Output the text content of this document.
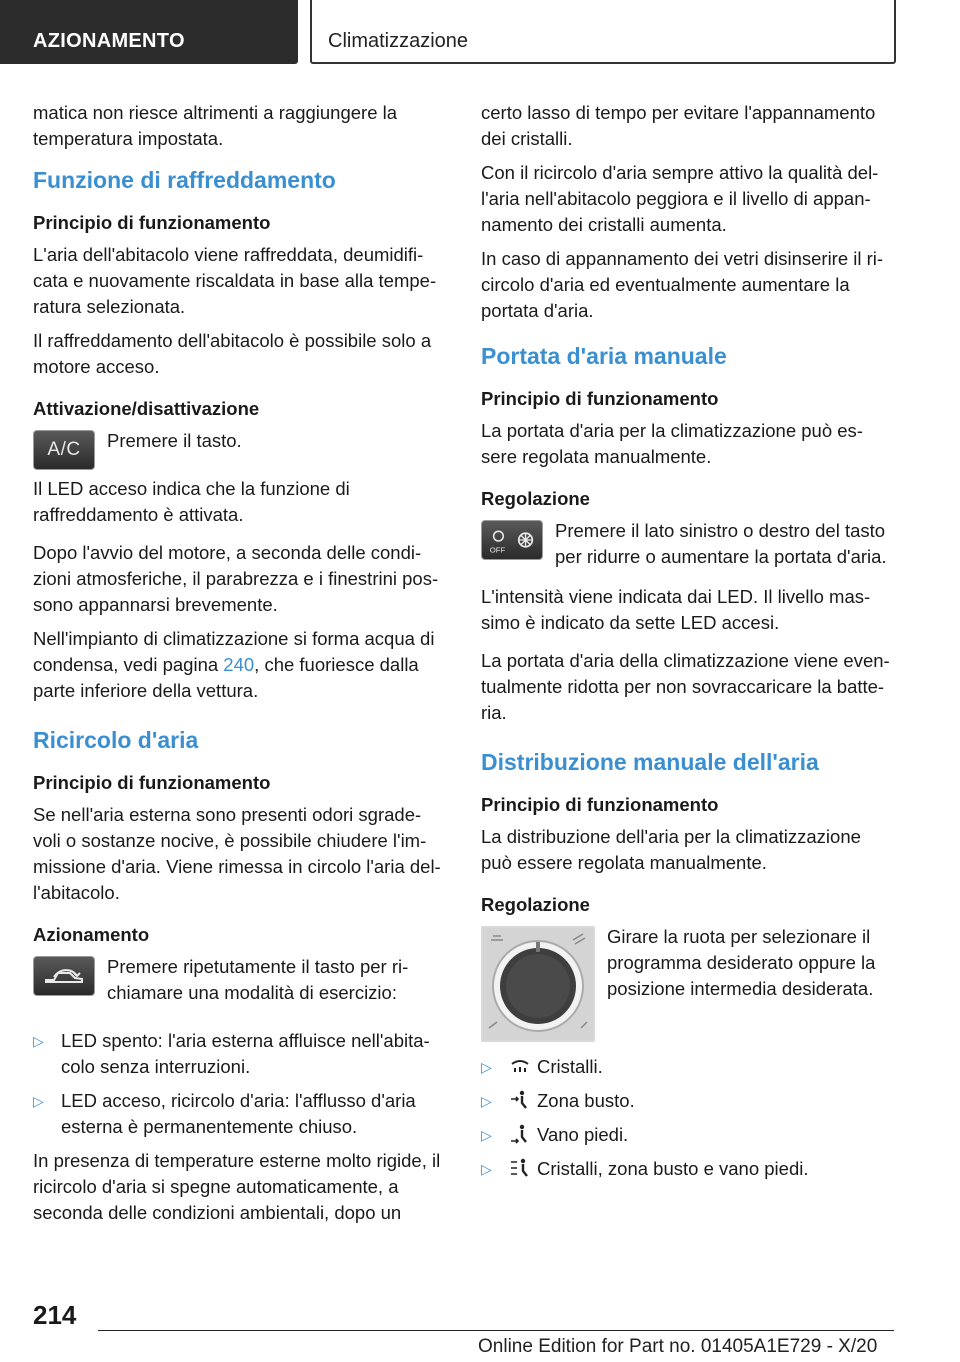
AZIONAMENTO	Climatizzazione

matica non riesce altrimenti a raggiungere la temperatura impostata.

Funzione di raffreddamento
Principio di funzionamento

L'aria dell'abitacolo viene raffreddata, deumidifi-cata e nuovamente riscaldata in base alla tempe-ratura selezionata.

Il raffreddamento dell'abitacolo è possibile solo a motore acceso.

Attivazione/disattivazione
A/C	Premere il tasto.

Il LED acceso indica che la funzione di raffreddamento è attivata.

Dopo l'avvio del motore, a seconda delle condi-zioni atmosferiche, il parabrezza e i finestrini pos-sono appannarsi brevemente.

Nell'impianto di climatizzazione si forma acqua di condensa, vedi pagina 240, che fuoriesce dalla parte inferiore della vettura.

Ricircolo d'aria
Principio di funzionamento

Se nell'aria esterna sono presenti odori sgrade-voli o sostanze nocive, è possibile chiudere l'im-missione d'aria. Viene rimessa in circolo l'aria del-l'abitacolo.

Azionamento

Premere ripetutamente il tasto per ri-chiamare una modalità di esercizio:

▷ LED spento: l'aria esterna affluisce nell'abita-colo senza interruzioni.
▷ LED acceso, ricircolo d'aria: l'afflusso d'aria esterna è permanentemente chiuso.

In presenza di temperature esterne molto rigide, il ricircolo d'aria si spegne automaticamente, a seconda delle condizioni ambientali, dopo un

certo lasso di tempo per evitare l'appannamento dei cristalli.

Con il ricircolo d'aria sempre attivo la qualità del-l'aria nell'abitacolo peggiora e il livello di appan-namento dei cristalli aumenta.

In caso di appannamento dei vetri disinserire il ri-circolo d'aria ed eventualmente aumentare la portata d'aria.

Portata d'aria manuale
Principio di funzionamento

La portata d'aria per la climatizzazione può es-sere regolata manualmente.

Regolazione
OFF

Premere il lato sinistro o destro del tasto per ridurre o aumentare la portata d'aria.

L'intensità viene indicata dai LED. Il livello mas-simo è indicato da sette LED accesi.

La portata d'aria della climatizzazione viene even-tualmente ridotta per non sovraccaricare la batte-ria.

Distribuzione manuale dell'aria
Principio di funzionamento

La distribuzione dell'aria per la climatizzazione può essere regolata manualmente.

Regolazione

Girare la ruota per selezionare il programma desiderato oppure la posizione intermedia desiderata.

▷ Cristalli.
▷ Zona busto.
▷ Vano piedi.
▷ Cristalli, zona busto e vano piedi.
214
Online Edition for Part no. 01405A1E729 - X/20
